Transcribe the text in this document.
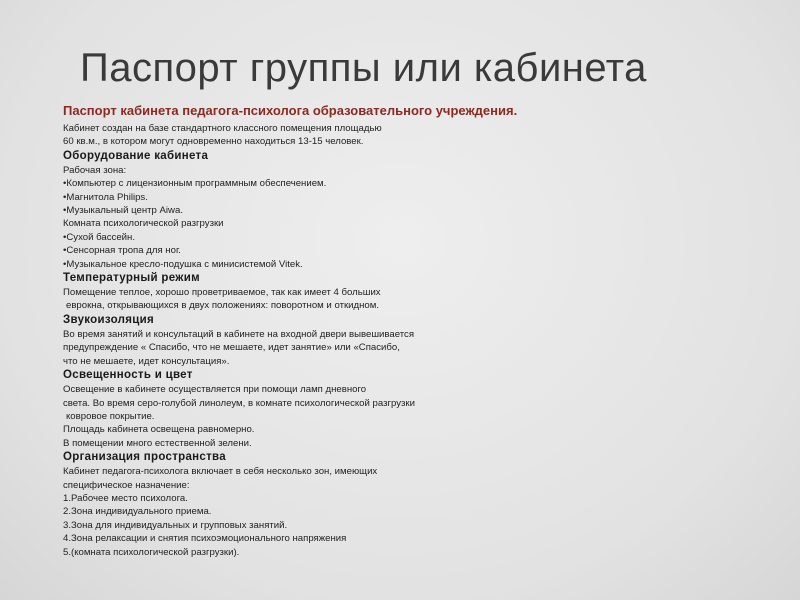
Паспорт группы или кабинета
Паспорт кабинета педагога-психолога образовательного учреждения.
Кабинет создан на базе стандартного классного помещения площадью
60 кв.м., в котором могут одновременно находиться 13-15 человек.
Оборудование кабинета
Рабочая зона:
•Компьютер с лицензионным программным обеспечением.
•Магнитола Philips.
•Музыкальный центр Aiwa.
Комната психологической разгрузки
•Сухой бассейн.
•Сенсорная тропа для ног.
•Музыкальное кресло-подушка с минисистемой Vitek.
Температурный режим
Помещение теплое, хорошо проветриваемое, так как имеет 4 больших
еврокна, открывающихся в двух положениях: поворотном и откидном.
Звукоизоляция
Во время занятий и консультаций в кабинете на входной двери вывешивается
предупреждение « Спасибо, что не мешаете, идет занятие» или «Спасибо,
что не мешаете, идет консультация».
Освещенность и цвет
Освещение в кабинете осуществляется при помощи ламп дневного
света. Во время серо-голубой линолеум, в комнате психологической разгрузки
ковровое покрытие.
Площадь кабинета освещена равномерно.
В помещении много естественной зелени.
Организация пространства
Кабинет педагога-психолога включает в себя несколько зон, имеющих
специфическое назначение:
1.Рабочее место психолога.
2.Зона индивидуального приема.
3.Зона для индивидуальных и групповых занятий.
4.Зона релаксации и снятия психоэмоционального напряжения
5.(комната психологической разгрузки).
